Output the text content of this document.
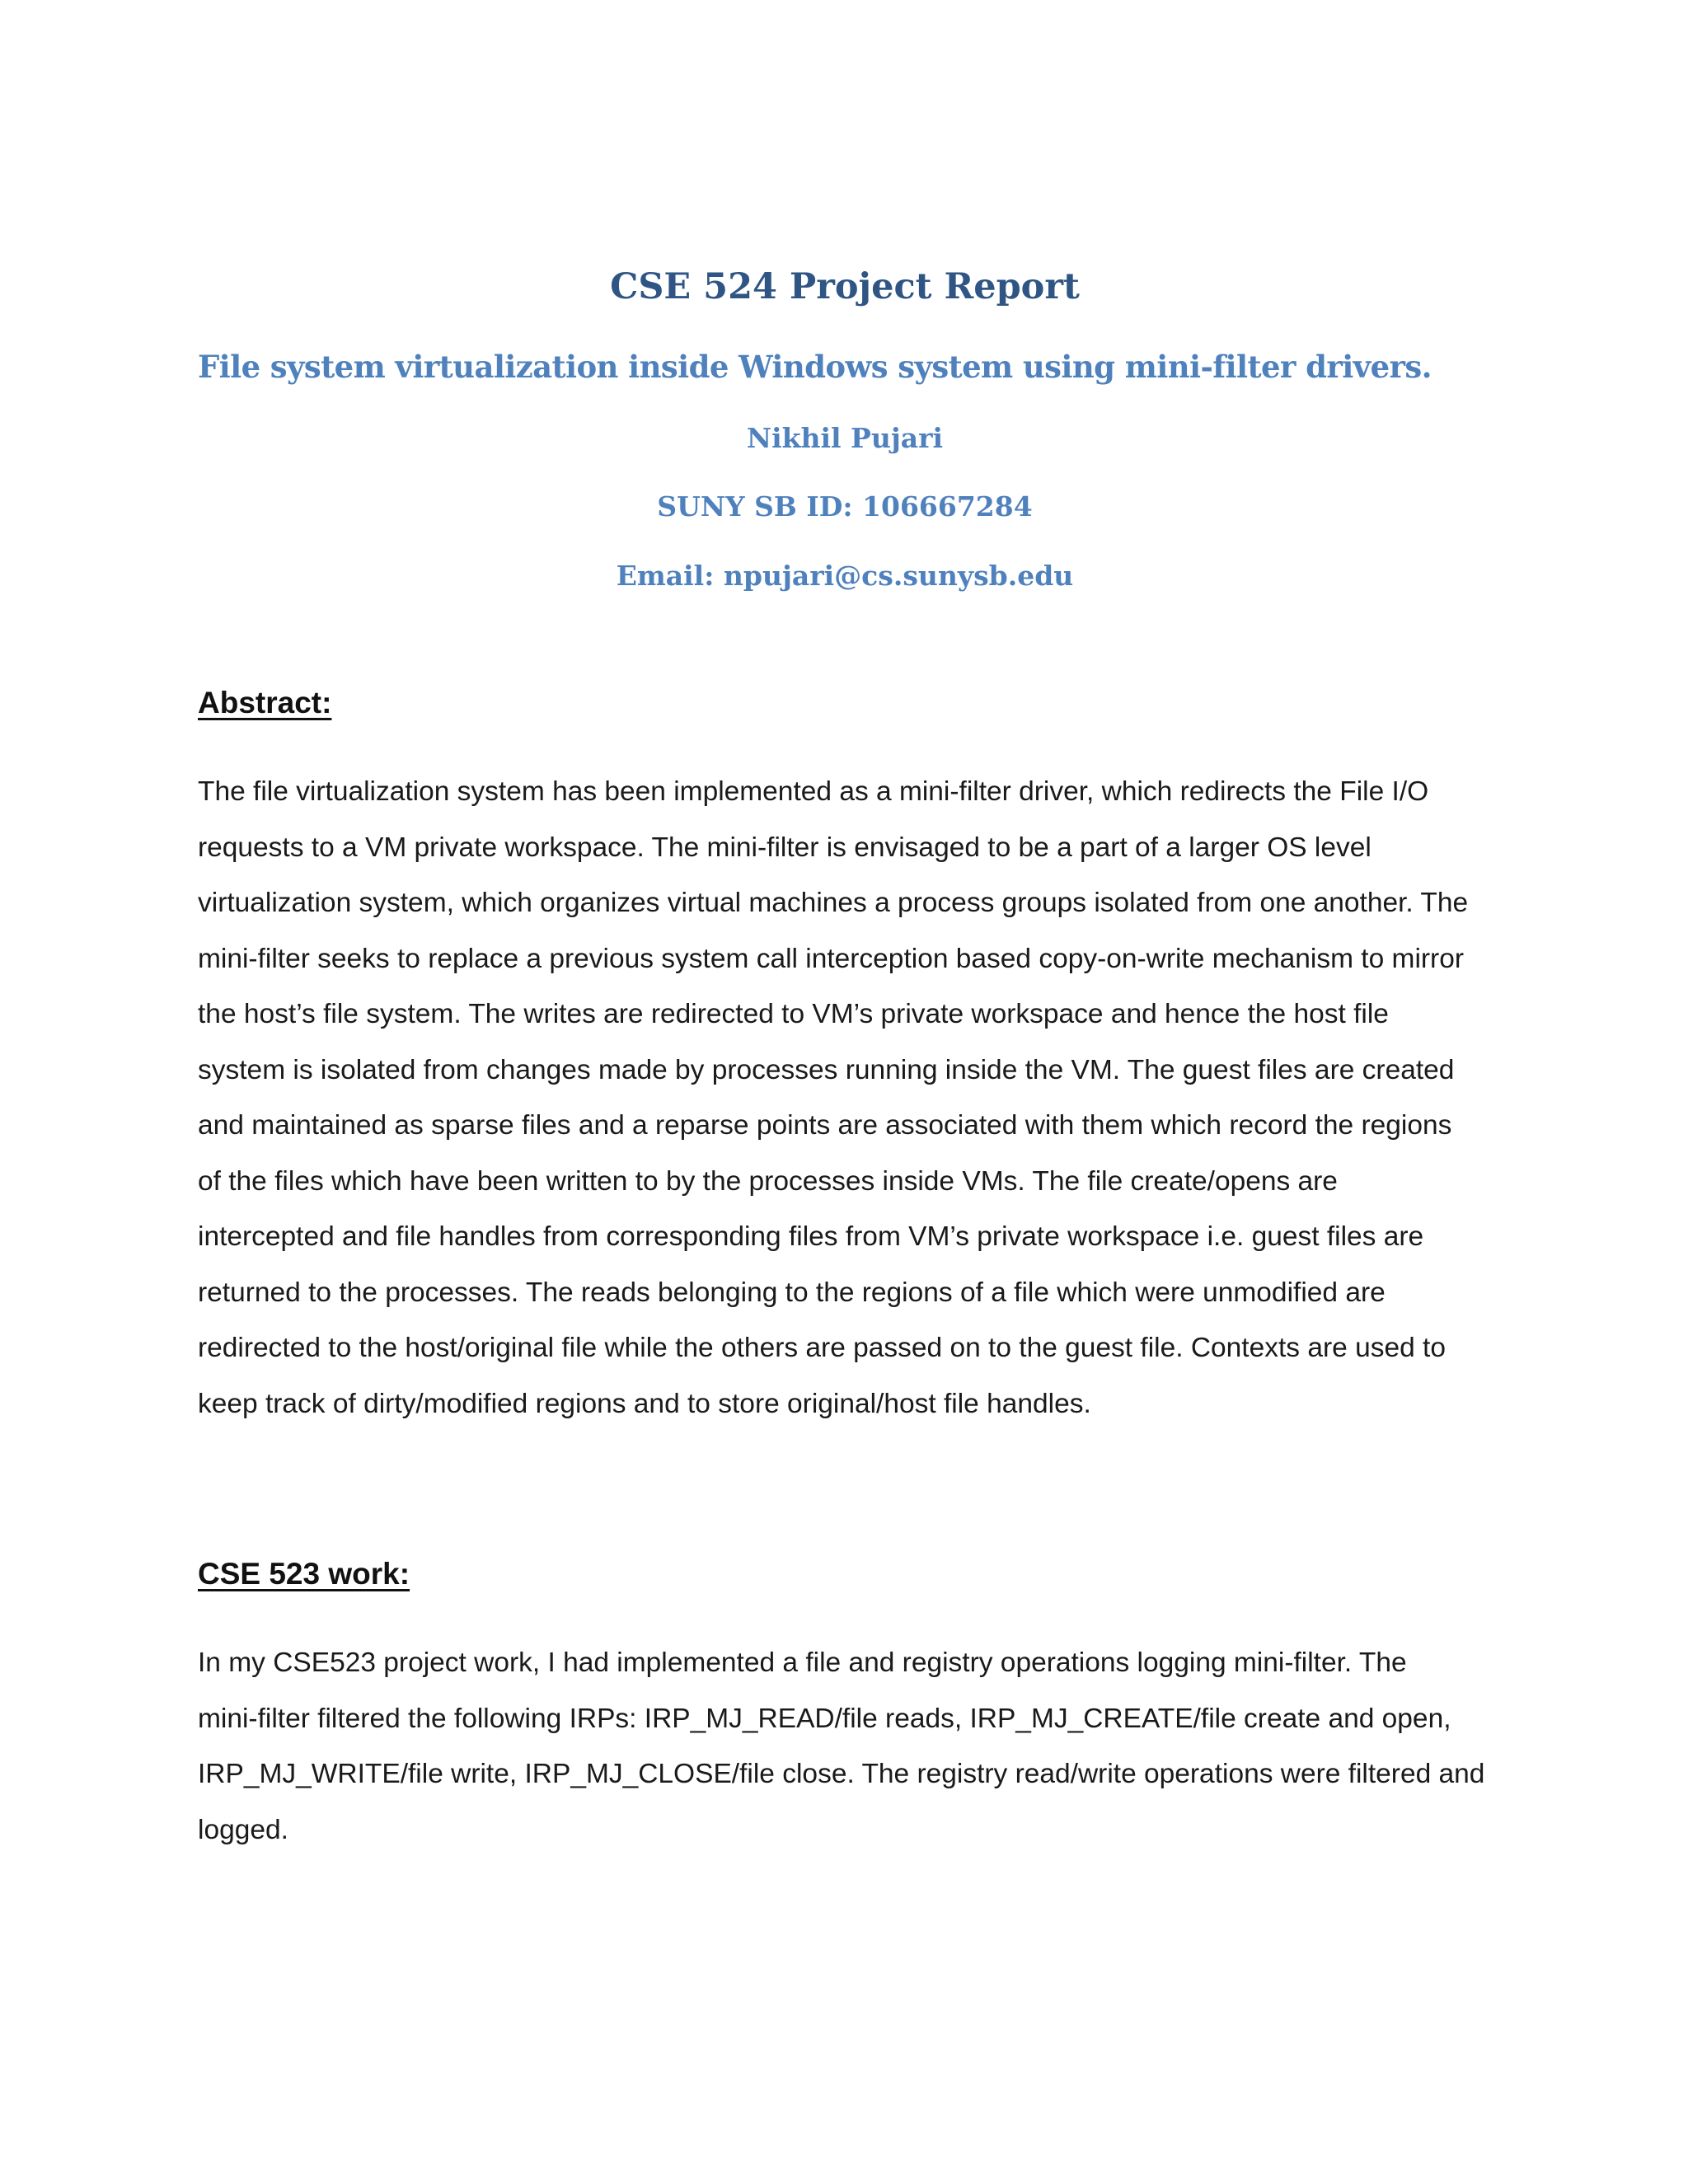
CSE 524 Project Report
File system virtualization inside Windows system using mini-filter drivers.
Nikhil Pujari
SUNY SB ID: 106667284
Email: npujari@cs.sunysb.edu
Abstract:
The file virtualization system has been implemented as a mini-filter driver, which redirects the File I/O
requests to a VM private workspace. The mini-filter is envisaged to be a part of a larger OS level
virtualization system, which organizes virtual machines a process groups isolated from one another. The
mini-filter seeks to replace a previous system call interception based copy-on-write mechanism to mirror
the host’s file system. The writes are redirected to VM’s private workspace and hence the host file
system is isolated from changes made by processes running inside the VM. The guest files are created
and maintained as sparse files and a reparse points are associated with them which record the regions
of the files which have been written to by the processes inside VMs. The file create/opens are
intercepted and file handles from corresponding files from VM’s private workspace i.e. guest files are
returned to the processes. The reads belonging to the regions of a file which were unmodified are
redirected to the host/original file while the others are passed on to the guest file. Contexts are used to
keep track of dirty/modified regions and to store original/host file handles.
CSE 523 work:
In my CSE523 project work, I had implemented a file and registry operations logging mini-filter. The
mini-filter filtered the following IRPs: IRP_MJ_READ/file reads, IRP_MJ_CREATE/file create and open,
IRP_MJ_WRITE/file write, IRP_MJ_CLOSE/file close. The registry read/write operations were filtered and
logged.
